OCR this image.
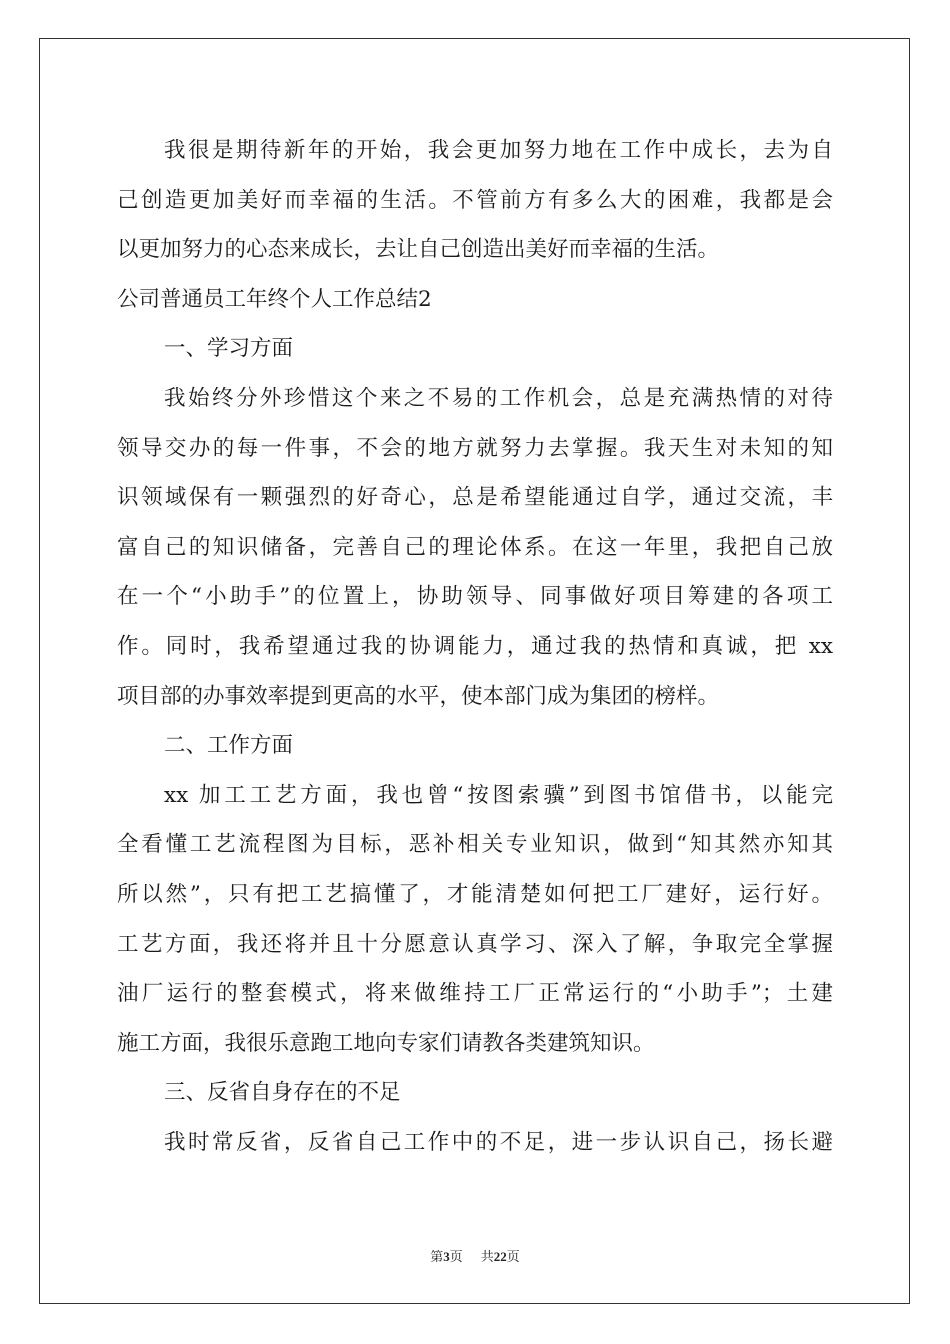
我很是期待新年的开始，我会更加努力地在工作中成长，去为自
己创造更加美好而幸福的生活。不管前方有多么大的困难，我都是会
以更加努力的心态来成长，去让自己创造出美好而幸福的生活。
公司普通员工年终个人工作总结2
一、学习方面
我始终分外珍惜这个来之不易的工作机会，总是充满热情的对待
领导交办的每一件事，不会的地方就努力去掌握。我天生对未知的知
识领域保有一颗强烈的好奇心，总是希望能通过自学，通过交流，丰
富自己的知识储备，完善自己的理论体系。在这一年里，我把自己放
在一个“小助手”的位置上，协助领导、同事做好项目筹建的各项工
作。同时，我希望通过我的协调能力，通过我的热情和真诚，把 xx
项目部的办事效率提到更高的水平，使本部门成为集团的榜样。
二、工作方面
xx 加工工艺方面，我也曾“按图索骥”到图书馆借书，以能完
全看懂工艺流程图为目标，恶补相关专业知识，做到“知其然亦知其
所以然”，只有把工艺搞懂了，才能清楚如何把工厂建好，运行好。
工艺方面，我还将并且十分愿意认真学习、深入了解，争取完全掌握
油厂运行的整套模式，将来做维持工厂正常运行的“小助手”；土建
施工方面，我很乐意跑工地向专家们请教各类建筑知识。
三、反省自身存在的不足
我时常反省，反省自己工作中的不足，进一步认识自己，扬长避
第3页 共22页
